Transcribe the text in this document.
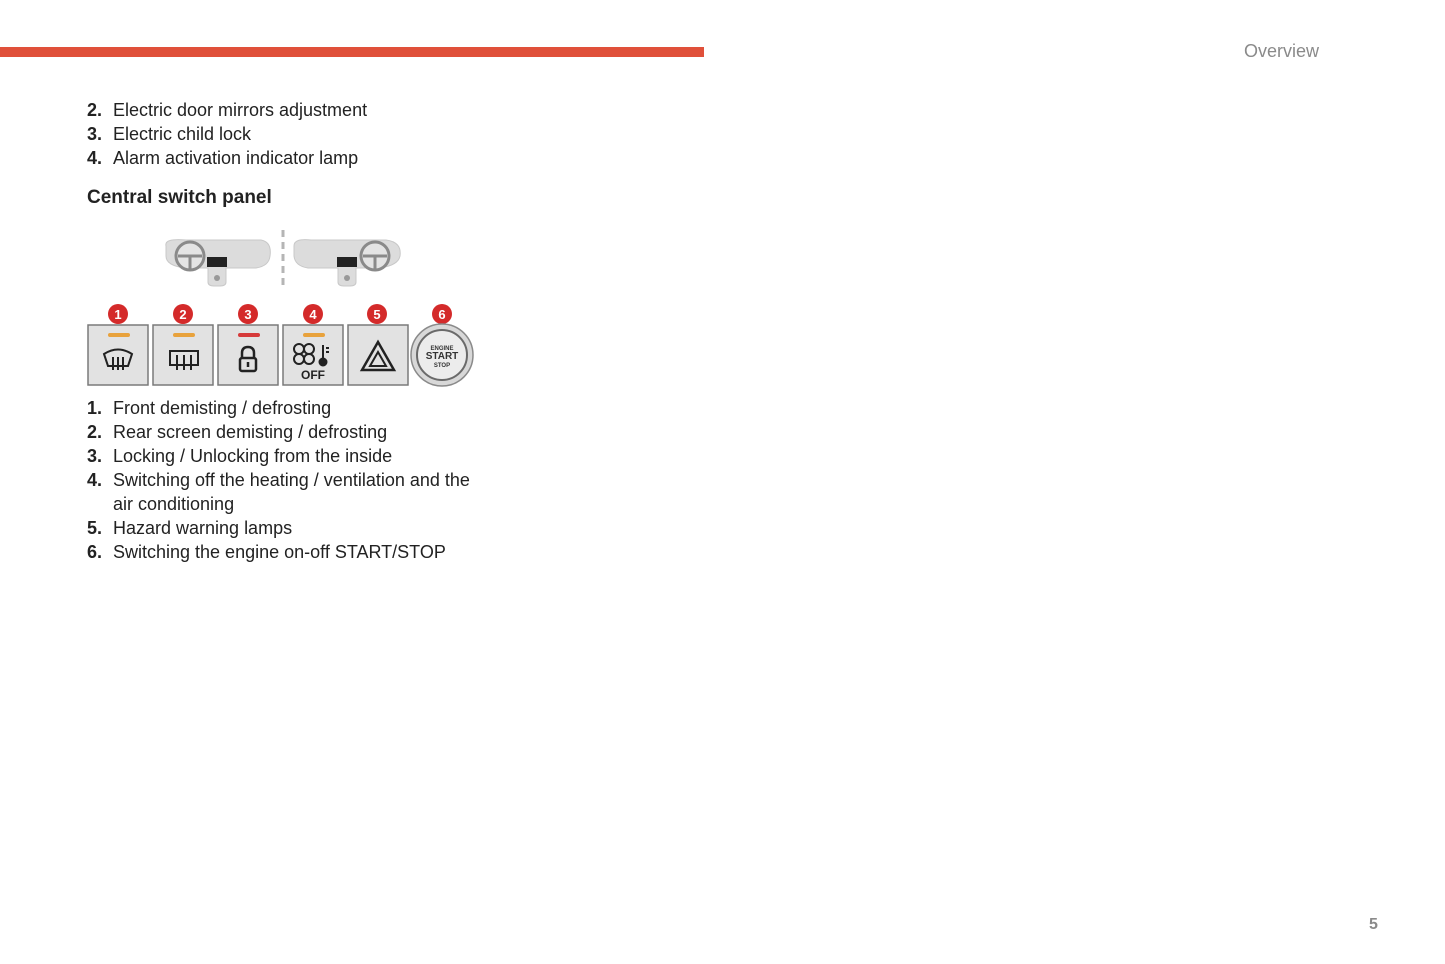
Overview
2. Electric door mirrors adjustment
3. Electric child lock
4. Alarm activation indicator lamp
Central switch panel
1	2	3	4	5	6
OFF
ENGINE
START
STOP
1. Front demisting / defrosting
2. Rear screen demisting / defrosting
3. Locking / Unlocking from the inside
4. Switching off the heating / ventilation and the air conditioning
5. Hazard warning lamps
6. Switching the engine on-off START/STOP
5
